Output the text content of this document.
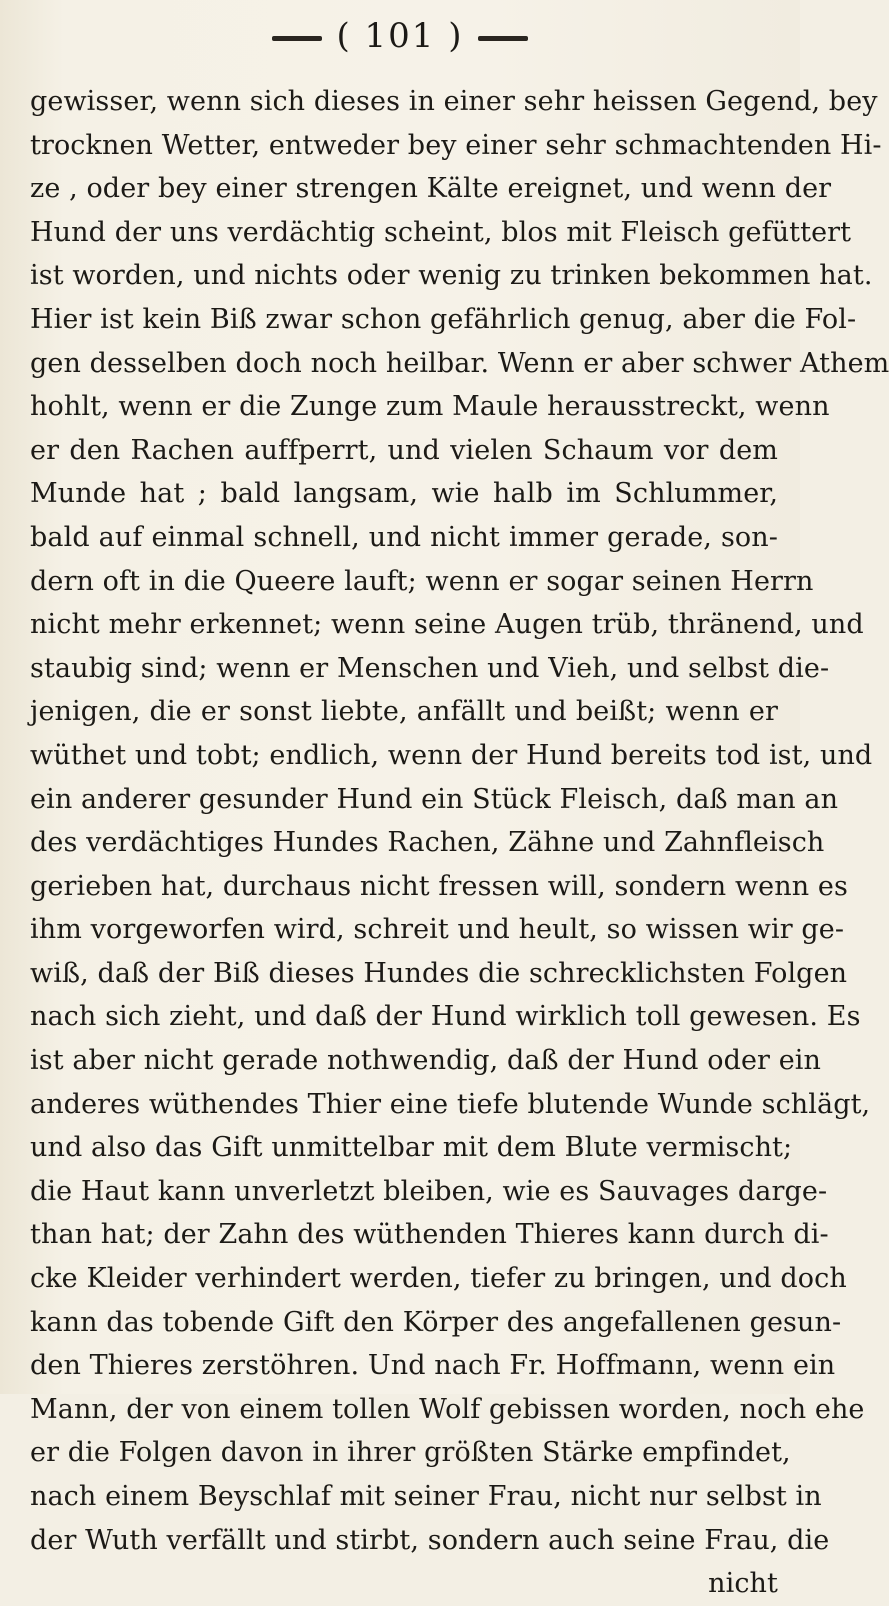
( 101 )
gewisser, wenn sich dieses in einer sehr heissen Gegend, bey
trocknen Wetter, entweder bey einer sehr schmachtenden Hi-
ze , oder bey einer strengen Kälte ereignet, und wenn der
Hund der uns verdächtig scheint, blos mit Fleisch gefüttert
ist worden, und nichts oder wenig zu trinken bekommen hat.
Hier ist kein Biß zwar schon gefährlich genug, aber die Fol-
gen desselben doch noch heilbar. Wenn er aber schwer Athem
hohlt, wenn er die Zunge zum Maule herausstreckt, wenn
er den Rachen auffperrt, und vielen Schaum vor dem
Munde hat ; bald langsam, wie halb im Schlummer,
bald auf einmal schnell, und nicht immer gerade, son-
dern oft in die Queere lauft; wenn er sogar seinen Herrn
nicht mehr erkennet; wenn seine Augen trüb, thränend, und
staubig sind; wenn er Menschen und Vieh, und selbst die-
jenigen, die er sonst liebte, anfällt und beißt; wenn er
wüthet und tobt; endlich, wenn der Hund bereits tod ist, und
ein anderer gesunder Hund ein Stück Fleisch, daß man an
des verdächtiges Hundes Rachen, Zähne und Zahnfleisch
gerieben hat, durchaus nicht fressen will, sondern wenn es
ihm vorgeworfen wird, schreit und heult, so wissen wir ge-
wiß, daß der Biß dieses Hundes die schrecklichsten Folgen
nach sich zieht, und daß der Hund wirklich toll gewesen. Es
ist aber nicht gerade nothwendig, daß der Hund oder ein
anderes wüthendes Thier eine tiefe blutende Wunde schlägt,
und also das Gift unmittelbar mit dem Blute vermischt;
die Haut kann unverletzt bleiben, wie es Sauvages darge-
than hat; der Zahn des wüthenden Thieres kann durch di-
cke Kleider verhindert werden, tiefer zu bringen, und doch
kann das tobende Gift den Körper des angefallenen gesun-
den Thieres zerstöhren. Und nach Fr. Hoffmann, wenn ein
Mann, der von einem tollen Wolf gebissen worden, noch ehe
er die Folgen davon in ihrer größten Stärke empfindet,
nach einem Beyschlaf mit seiner Frau, nicht nur selbst in
der Wuth verfällt und stirbt, sondern auch seine Frau, die
nicht
